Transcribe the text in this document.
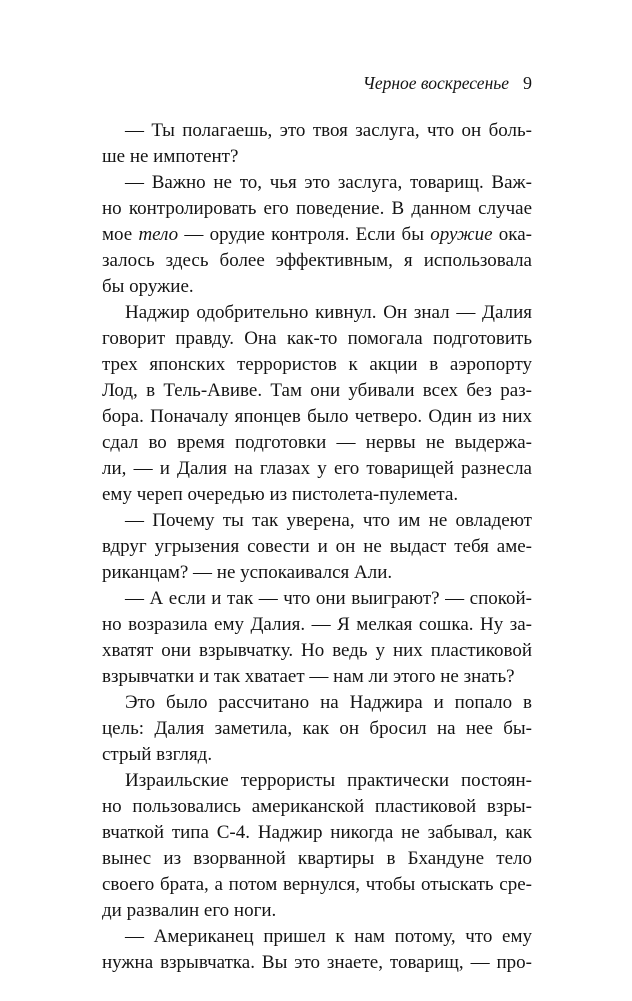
Черное воскресенье 9
— Ты полагаешь, это твоя заслуга, что он боль-
ше не импотент?
— Важно не то, чья это заслуга, товарищ. Важ-
но контролировать его поведение. В данном случае
мое тело — орудие контроля. Если бы оружие ока-
залось здесь более эффективным, я использовала
бы оружие.
Наджир одобрительно кивнул. Он знал — Далия
говорит правду. Она как-то помогала подготовить
трех японских террористов к акции в аэропорту
Лод, в Тель-Авиве. Там они убивали всех без раз-
бора. Поначалу японцев было четверо. Один из них
сдал во время подготовки — нервы не выдержа-
ли, — и Далия на глазах у его товарищей разнесла
ему череп очередью из пистолета-пулемета.
— Почему ты так уверена, что им не овладеют
вдруг угрызения совести и он не выдаст тебя аме-
риканцам? — не успокаивался Али.
— А если и так — что они выиграют? — спокой-
но возразила ему Далия. — Я мелкая сошка. Ну за-
хватят они взрывчатку. Но ведь у них пластиковой
взрывчатки и так хватает — нам ли этого не знать?
Это было рассчитано на Наджира и попало в
цель: Далия заметила, как он бросил на нее бы-
стрый взгляд.
Израильские террористы практически постоян-
но пользовались американской пластиковой взры-
вчаткой типа С-4. Наджир никогда не забывал, как
вынес из взорванной квартиры в Бхандуне тело
своего брата, а потом вернулся, чтобы отыскать сре-
ди развалин его ноги.
— Американец пришел к нам потому, что ему
нужна взрывчатка. Вы это знаете, товарищ, — про-
